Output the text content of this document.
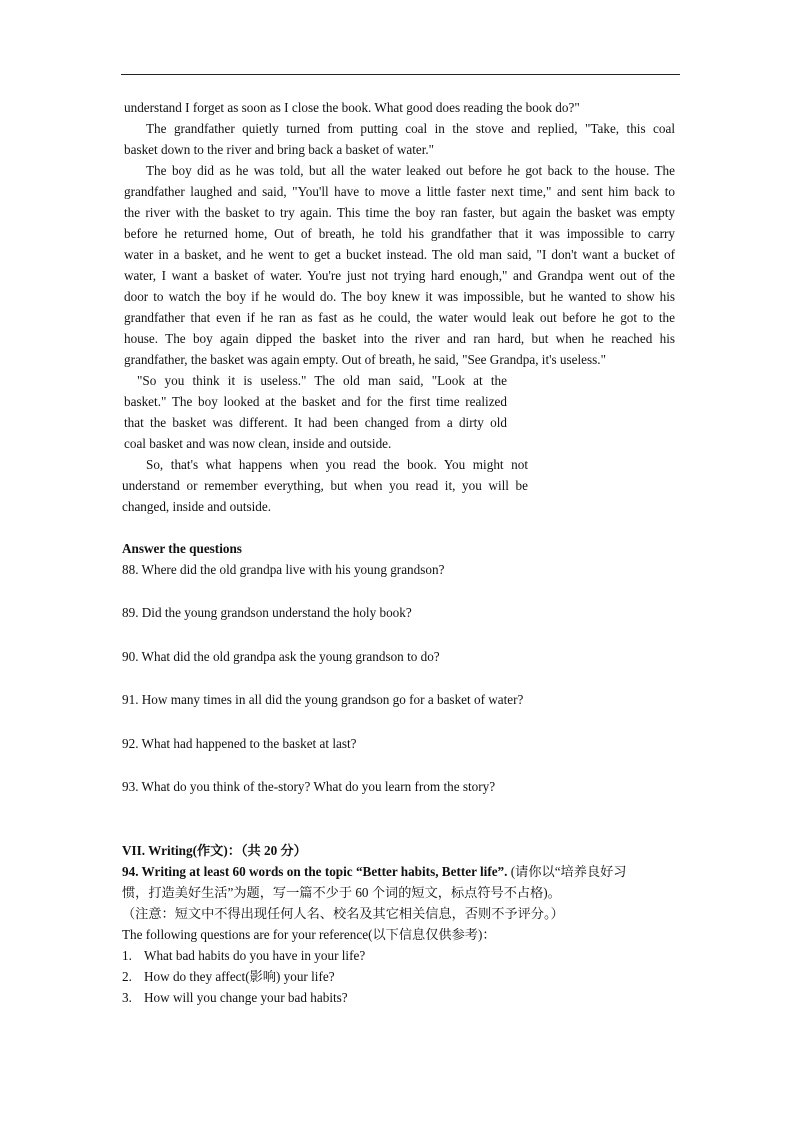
understand I forget as soon as I close the book. What good does reading the book do?"
The grandfather quietly turned from putting coal in the stove and replied, "Take, this coal
basket down to the river and bring back a basket of water."
The boy did as he was told, but all the water leaked out before he got back to the house. The
grandfather laughed and said, "You'll have to move a little faster next time," and sent him back to
the river with the basket to try again. This time the boy ran faster, but again the basket was empty
before he returned home, Out of breath, he told his grandfather that it was impossible to carry
water in a basket, and he went to get a bucket instead. The old man said, "I don't want a bucket of
water, I want a basket of water. You're just not trying hard enough," and Grandpa went out of the
door to watch the boy if he would do. The boy knew it was impossible, but he wanted to show his
grandfather that even if he ran as fast as he could, the water would leak out before he got to the
house. The boy again dipped the basket into the river and ran hard, but when he reached his
grandfather, the basket was again empty. Out of breath, he said, "See Grandpa, it's useless."
"So you think it is useless." The old man said, "Look at the
basket." The boy looked at the basket and for the first time realized
that the basket was different. It had been changed from a dirty old
coal basket and was now clean, inside and outside.
So, that's what happens when you read the book. You might not
understand or remember everything, but when you read it, you will be
changed, inside and outside.
Answer the questions
88. Where did the old grandpa live with his young grandson?
89. Did the young grandson understand the holy book?
90. What did the old grandpa ask the young grandson to do?
91. How many times in all did the young grandson go for a basket of water?
92. What had happened to the basket at last?
93. What do you think of the-story? What do you learn from the story?
VII. Writing(作文)：（共 20 分）
94. Writing at least 60 words on the topic “Better habits, Better life”. (请你以“培养良好习
惯，打造美好生活”为题，写一篇不少于 60 个词的短文，标点符号不占格)。
（注意：短文中不得出现任何人名、校名及其它相关信息，否则不予评分。）
The following questions are for your reference(以下信息仅供参考)：
1. What bad habits do you have in your life?
2. How do they affect(影响) your life?
3. How will you change your bad habits?
